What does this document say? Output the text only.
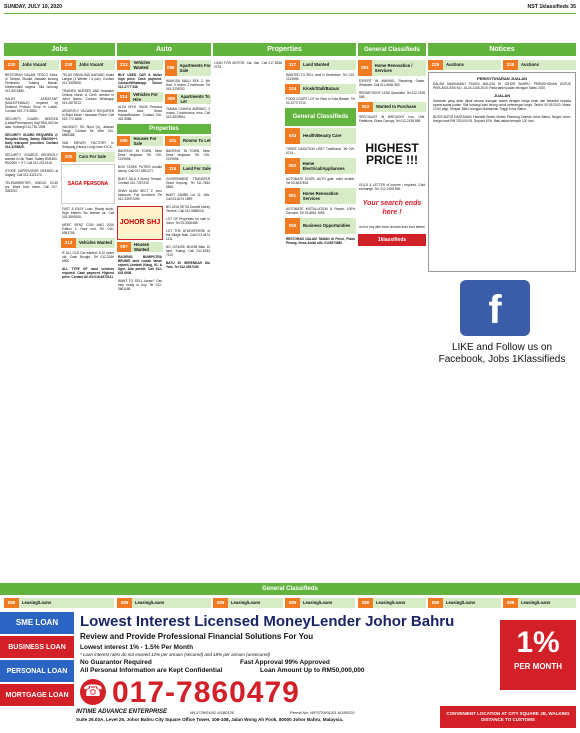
SUNDAY, JULY 19, 2020	NST 1klassifieds 35
Jobs	Auto	Properties	General Classifieds	Notices
230	Jobs Vacant
RESTORAN DALAM TESCO Extra, Jl. Tampoi, Skudai. Jawatan kosong Pembantu Tukang Masak. Dikehendaki segera. Sila hubungi 013-5571880.
SALES ASSISTANT (MALE/FEMALE) required by Seafood Product Shop in Larkin. Contact 019-776 5883.
SECURITY GUARD NEEDED (Lelaki/Perempuan) Gaji RM1,600 ke atas. Hubungi 012-781 1098.
SECURITY GUARD REQUIRED @ Hospital Klang, Salary RM2000++. Daily transport provided. Contact 014-3258529.
SECURITY GUARDS URGENTLY wanted in Ulu Tiram. Salary RM1600-RM2000 + OT. Call 012-2012416.
STORE SUPERVISOR NEEDED at Kajang. Call 012-4321170.
TELEMARKETER, SINGLE 23-45 yrs, Work from home. Call 017-3052007.
230	Jobs Vacant
TELUK PANGLIMA GARANG Kuala Langat (1 Welder / 4 pax). Contact 012-3905908.
TRAINED NURSES AND Assistant Clinical Nurse & Clerk needed in Johor Bahru. Contact Whatsapp 019-2879213.
URGENTLY VACANCY REQUIRED in Bukit Indah / Iskandar Puteri. Call 019-772 6688.
VACANCY: SG Siput (U), Jalanan Tongji. Contact Mr Wen 011-6566388.
VAN DRIVER FACTORY in Selayang (Heavy Lorry) near KLCC.
200	Cars For Sale
SAGA PERSONA
FAST & EASY Loan. Ready stock. High tradeln. No license ok. Call 019-3899208.
MERC BENZ C250 AMG 2016 Edition 2, Rare unit. Tel. 016-6953799.
213	Vehicles Wanted
IF ALL OLD Car wanted: 5-10 years old. Cash Bought. Tel 012-2266 6900.
ALL TYPE OF used vehicles required. Cash payment. Highest price. Contact Ah Kit 016-6673141
213	Vehicles Wanted
BUY USED CAR & Motor high price. Cash payment. Contact/Whatsapp: Simon 012-2777 548
214	Vehicles For Hire
ALZA MYVI SAGA Persona Bezza Axia, Sewa Harian/Bulanan. Contact 016-326 8988.
098	Apartments For Sale
WANGSA MAJU SEK 2, 4th floor, 3 rooms, 2 bathroom. Tel 019-2238792.
099	Apartments To Let
TAMAN CAHAYA AMPANG, 3 rooms, 2 bathrooms, reno. Call 013-3829954.
Properties
095	Houses For Sale
BANTING, IN TOWN, Sime Desa Jenjarom. Tel. 019-2219696.
BOH TASEK PUTERI double storey. Call 017-6551277.
BUKIT JALIL 3 Storey Terrace. Contact 012-7397230.
SHAH ALAM SECT 2, zero bedroom, Full furnished. Tel 012-2399 2499.
JOHOR SHJ
097	Houses Wanted
RAGENSI BUMIPUTRA BRUNEI land rumah tanah seperti Lembah Klang, KL & Sgor. Ada permit. Call 012-643 6936
WANT TO SELL house? Can help ready to buy. Tel 012-3661168.
101	Rooms To Let
BANTING, IN TOWN, Sime Desa Jenjarom. Tel. 019-2219696.
115	Land For Sale
GOVERNMENT TRANSFER Grant Kepong. Tel 011-7664 6556.
BUKIT JAMBE Lot 11, hills. Call 03-6274 1899.
BG JAYA SETIA Double storey Terrace. Call 012-9886218.
LOT OF Properties for sale in Johor. Tel 03-9300488.
LOT THE ATMOSPHERE of the village Nilai. Call 013-4674 1111.
NO 1074495, MUKIM Batu 10 lane, Kuang. Call 012-6283 7110.
BATU 30 SERENDAH Ulu Yam. Tel 012-3547335.
LOAN FOR MOTOR, Cal, Van. Call 017-5538 2275.	117	Land Wanted
WANTED TO SELL land in Seremban. Tel. 019-2219696.
124	Kiosk/Stall/Bazaar
FOOD COURT LOT for Rent in Kota Bestari. Tel 03-2273 3710.
General Classifieds
043	Health/Beauty Care
THREE NASUTION USE? Traditional. Tel 019-6744.
050	Home Electrical/Appliances
AUTOMATE DOOR, AUTO gate, roller shutter. Tel 03-5637408.
051	Home Renovation Services
AUTOMATE INSTALLATION & Repair. 100% Genuine. Tel 03-8961 1693.
055	Business Opportunities
RESTORAN DALAM TAMAN di Pensi, Pulau Pinang. Sewa Ambil alih. 0133973880.
051	Home Renovation / Services
EXPERT IN AWNING, Repairing Gates, Windows. Call 011-6636 560.
REPAIR ROOF LEAK Specialist. Tel 012-2198 598.
053	Wanted to Purchase
SPECIALIST IN WROUGHT Iron, Grill, Partitions, Glass Canopy. Tel 012-2198 598.
HIGHEST PRICE !!!
GOLD & LETTER of income / required. Gold exchange. Tel. 012-2198 598.
Your search ends here !
rent or buy with more choices than ever before
1klassifieds
225	Auctions	225	Auctions
PERISYTIHARAN JUALAN
DALAM MAHKAMAH TINGGI MALAYA DI JOHOR BAHRU. PERMOHONAN UNTUK PERLANJUTAN NO. JA-24-1165-2019. Pada tarikh jualan lelongan Sabtu 2020.
JUALAN
Hartanah yang akan dijual secara lelongan awam dengan harga rizab dan tertakluk kepada syarat-syarat jualan. Sila hubungi tuan lelong untuk keterangan lanjut. Tarikh: 09.09.2020, Masa: 10.00 pagi. Tempat: Bilik Lelongan Mahkamah Tinggi Johor Bahru.
BUTIR-BUTIR HARTANAH: Hakmilik Strata, Mukim Plentong, Daerah Johor Bahru, Negeri Johor. Harga rizab RM 230,000.00. Deposit 10%. Baki dalam tempoh 120 hari.
f
LIKE and Follow us on Facebook, Jobs 1Klassifieds
General Classifieds
089	Leasing/Loans	089	Leasing/Loans	089	Leasing/Loans	089	Leasing/Loans	089	Leasing/Loans	089	Leasing/Loans	089	Leasing/Loans
SME LOAN
BUSINESS LOAN
PERSONAL LOAN
MORTGAGE LOAN
Lowest Interest Licensed MoneyLender Johor Bahru
Review and Provide Professional Financial Solutions For You
Lowest interest 1% - 1.5% Per Month
* Loan interest rates do not exceed 12% per annum (secured) and 18% per annum (unsecured)
No Guarantor Required	Fast Approval 99% Approved
All Personal Information are Kept Confidential	Loan Amount Up to RM50,000,000
☎ 017-7860479
1%
PER MONTH
INTIME ADVANCE ENTERPRISE	WL3729/01/01-6/180120	Permit No: WP3729/01/01-6/180120
Suite 25.03A, Level 25, Johor Bahru City Square Office Tower, 106-108, Jalan Wong Ah Fook, 80000 Johor Bahru, Malaysia.
CONVENIENT LOCATION AT CITY SQUARE JB, WALKING DISTANCE TO CUSTOMS
